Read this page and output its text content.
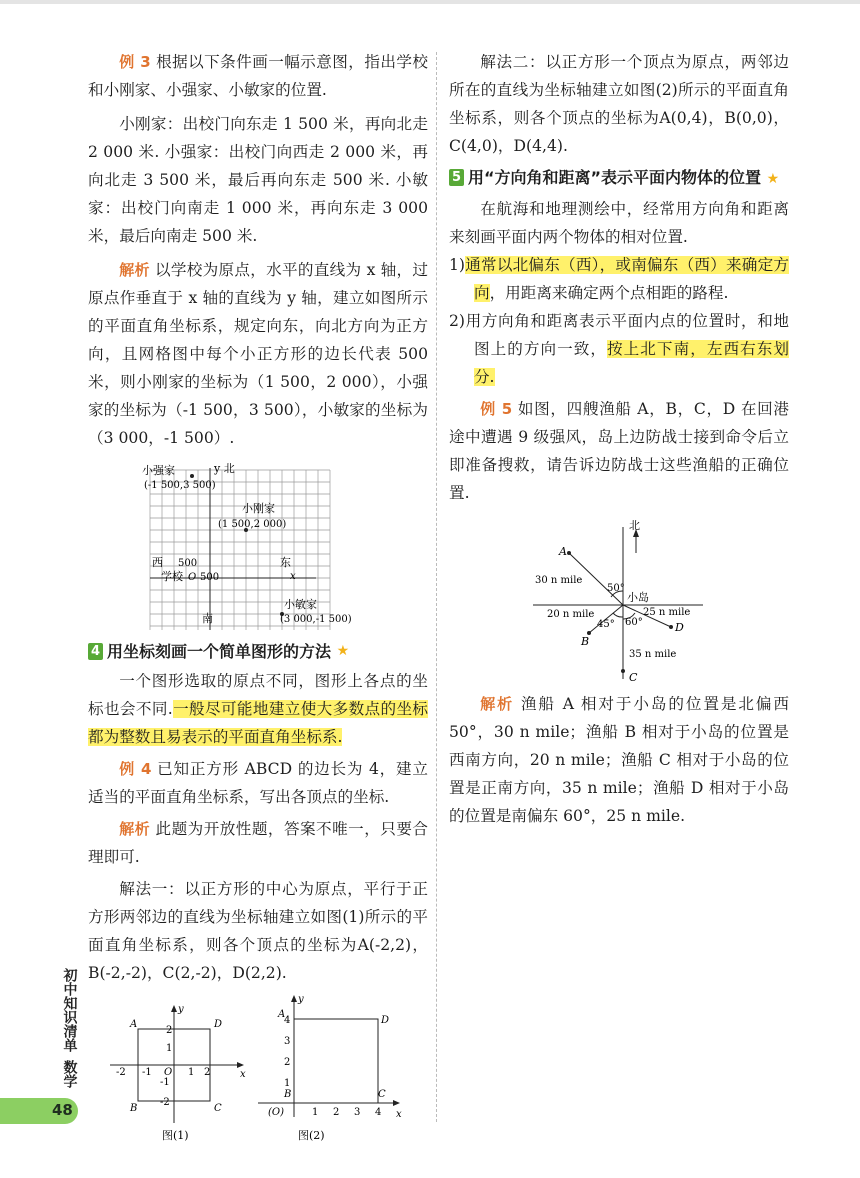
例 3 根据以下条件画一幅示意图，指出学校和小刚家、小强家、小敏家的位置.

小刚家：出校门向东走 1 500 米，再向北走 2 000 米. 小强家：出校门向西走 2 000 米，再向北走 3 500 米，最后再向东走 500 米. 小敏家：出校门向南走 1 000 米，再向东走 3 000 米，最后向南走 500 米.

解析 以学校为原点，水平的直线为 x 轴，过原点作垂直于 x 轴的直线为 y 轴，建立如图所示的平面直角坐标系，规定向东，向北方向为正方向，且网格图中每个小正方形的边长代表 500 米，则小刚家的坐标为（1 500，2 000），小强家的坐标为（-1 500，3 500），小敏家的坐标为（3 000，-1 500）.

小强家
(-1 500,3 500)
y 北
小刚家
(1 500,2 000)
西	东
x
500
学校 O 500
南
小敏家
(3 000,-1 500)
4 用坐标刻画一个简单图形的方法
★

一个图形选取的原点不同，图形上各点的坐标也会不同.一般尽可能地建立使大多数点的坐标都为整数且易表示的平面直角坐标系.

例 4 已知正方形 ABCD 的边长为 4，建立适当的平面直角坐标系，写出各顶点的坐标.

解析 此题为开放性题，答案不唯一，只要合理即可.

解法一：以正方形的中心为原点，平行于正方形两邻边的直线为坐标轴建立如图(1)所示的平面直角坐标系，则各个顶点的坐标为A(-2,2)，B(-2,-2)，C(2,-2)，D(2,2).

y
x
A	D
B	C
2
1
-1
-2
-2 -1 O 1 2
图(1)
y
x
A
D
B	C
4
3
2
1
(O)	1 2 3 4
图(2)

解法二：以正方形一个顶点为原点，两邻边所在的直线为坐标轴建立如图(2)所示的平面直角坐标系，则各个顶点的坐标为A(0,4)，B(0,0)，C(4,0)，D(4,4).

5 用“方向角和距离”表示平面内物体的位置 ★

在航海和地理测绘中，经常用方向角和距离来刻画平面内两个物体的相对位置.

1)通常以北偏东（西），或南偏东（西）来确定方向，用距离来确定两个点相距的路程.

2)用方向角和距离表示平面内点的位置时，和地图上的方向一致，按上北下南，左西右东划分.

例 5 如图，四艘渔船 A，B，C，D 在回港途中遭遇 9 级强风，岛上边防战士接到命令后立即准备搜救，请告诉边防战士这些渔船的正确位置.

北
A
50°
小岛
30 n mile
20 n mile	25 n mile
D
B
45° 60°
35 n mile
C

解析 渔船 A 相对于小岛的位置是北偏西 50°，30 n mile；渔船 B 相对于小岛的位置是西南方向，20 n mile；渔船 C 相对于小岛的位置是正南方向，35 n mile；渔船 D 相对于小岛的位置是南偏东 60°，25 n mile.

初中知识清单
数学
48
